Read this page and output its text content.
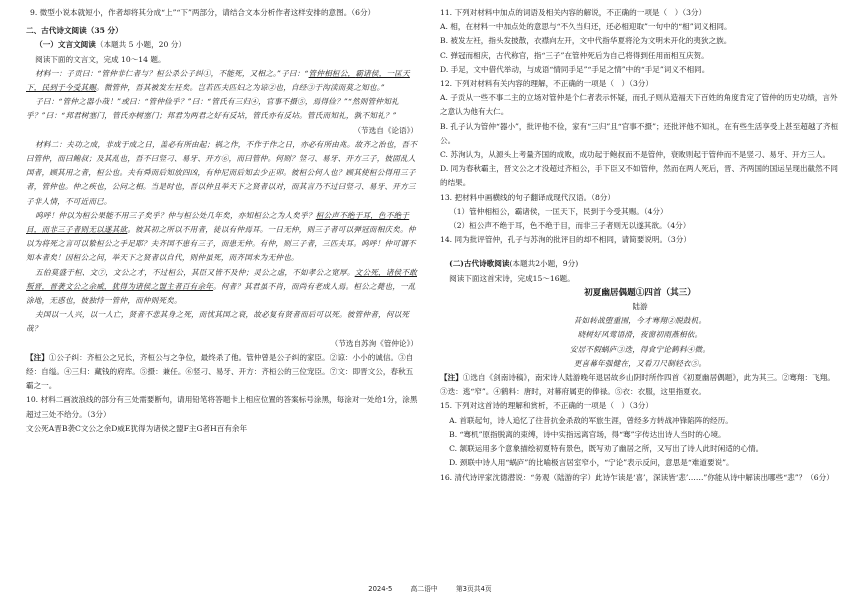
9. 微型小说本就短小，作者却将其分成“上”“下”两部分，请结合文本分析作者这样安排的意图。（6分）

二、古代诗文阅读（35 分）

（一）文言文阅读（本题共 5 小题，20 分）

阅读下面的文言文，完成 10～14 题。

材料一：子贡曰：“管仲非仁者与？桓公杀公子纠①，不能死，又相之。”子曰：“管仲相桓公，霸诸侯，一匡天下，民到于今受其赐。微管仲，吾其被发左衽矣。岂若匹夫匹妇之为谅②也，自经③于沟渎而莫之知也。”

子曰：“管仲之器小哉！”或曰：“管仲俭乎？”曰：“管氏有三归④，官事不摄⑤，焉得俭？”“然则管仲知礼乎？”曰：“邦君树塞门，管氏亦树塞门；邦君为两君之好有反坫，管氏亦有反坫。管氏而知礼，孰不知礼？”

（节选自《论语》）

材料二：夫功之成，非成于成之日，盖必有所由起；祸之作，不作于作之日，亦必有所由兆。故齐之治也，吾不曰管仲，而曰鲍叔；及其乱也，吾不曰竖刁、易牙、开方⑥，而曰管仲。何则？竖刁、易牙、开方三子，彼固乱人国者，顾其用之者，桓公也。夫有舜而后知放四凶，有仲尼而后知去少正卯。彼桓公何人也？顾其使桓公得用三子者，管仲也。仲之疾也，公问之相。当是时也，吾以仲且举天下之贤者以对，而其言乃不过曰竖刁、易牙、开方三子非人情，不可近而已。

呜呼！仲以为桓公果能不用三子矣乎？仲与桓公处几年矣，亦知桓公之为人矣乎？桓公声不绝于耳，色不绝于目，而非三子者则无以遂其欲。彼其初之所以不用者，徒以有仲焉耳。一日无仲，则三子者可以弹冠而相庆矣。仲以为将死之言可以絷桓公之手足耶？夫齐国不患有三子，而患无仲。有仲，则三子者，三匹夫耳。呜呼！仲可谓不知本者矣！因桓公之问，举天下之贤者以自代，则仲虽死，而齐国未为无仲也。

五伯莫盛于桓、文⑦，文公之才，不过桓公，其臣又皆不及仲；灵公之虐，不如孝公之宽厚。文公死，诸侯不敢叛晋，晋袭文公之余威，犹得为诸侯之盟主者百有余年。何者？其君虽不肖，而尚有老成人焉。桓公之薨也，一乱涂地，无惑也，彼独恃一管仲，而仲则死矣。

夫国以一人兴，以一人亡，贤者不悲其身之死，而忧其国之衰，故必复有贤者而后可以死。彼管仲者，何以死哉？

（节选自苏洵《管仲论》）

【注】①公子纠：齐桓公之兄长，齐桓公与之争位，最终杀了他。管仲曾是公子纠的家臣。②谅：小小的诚信。③自经：自缢。④三归：藏钱的府库。⑤摄：兼任。⑥竖刁、易牙、开方：齐桓公的三位宠臣。⑦文：即晋文公，春秋五霸之一。

10. 材料二画波浪线的部分有三处需要断句，请用铅笔将答题卡上相应位置的答案标号涂黑，每涂对一处给1分，涂黑超过三处不给分。（3分）

文公死A晋B袭C文公之余D威E犹得为诸侯之盟F主G者H百有余年

11. 下列对材料中加点的词语及相关内容的解说，不正确的一项是（　）（3分）

A. 相，在材料一中加点处的意思与“不久当归还，还必相迎取”一句中的“相”词义相同。

B. 被发左衽，指头发披散，衣襟向左开，文中代指华夏将沦为文明未开化的夷狄之族。

C. 弹冠而相庆，古代称官，指“三子”在管仲死后为自己将得到任用而相互庆贺。

D. 手足，文中借代举动，与成语“情同手足”“手足之情”中的“手足”词义不相同。

12. 下列对材料有关内容的理解，不正确的一项是（　）（3分）

A. 子贡从一些不事二主的立场对管仲是个仁者表示怀疑，而孔子则从造福天下百姓的角度肯定了管仲的历史功绩，言外之意认为他有大仁。

B. 孔子认为管仲“器小”，批评他不俭，家有“三归”且“官事不摄”；还批评他不知礼，在有些生活享受上甚至超越了齐桓公。

C. 苏洵认为，从源头上考量齐国的成败，成功起于鲍叔而不是管仲，衰败则起于管仲而不是竖刁、易牙、开方三人。

D. 同为春秋霸主，晋文公之才没超过齐桓公，手下臣又不如管仲，然而在两人死后，晋、齐两国的国运呈现出截然不同的结果。

13. 把材料中画横线的句子翻译成现代汉语。（8分）

（1）管仲相桓公，霸诸侯，一匡天下，民到于今受其赐。（4分）

（2）桓公声不绝于耳，色不绝于目，而非三子者则无以遂其欲。（4分）

14. 同为批评管仲，孔子与苏洵的批评目的却不相同，请简要说明。（3分）

(二)古代诗歌阅读(本题共2小题，9分)

阅读下面这首宋诗，完成15～16题。

初夏幽居偶题①四首（其三）

陆游

昔如转战堕重围，今才骞翔②脱鼓机。

晓树好风莺语滑，夜窗初雨燕相依。

安居不假蜗庐③迭，得食宁论鹤料④微。

更喜幕年强健在，又看刀尺制轻衣⑤。

【注】①选自《剑南诗稿》，南宋诗人陆游晚年退居故乡山阴时所作四首《初夏幽居偶题》，此为其三。②骞翔：飞翔。③迭：逃“窄”。④鹤料：唐时，对幕府属吏的俸禄。⑤衣：衣服，这里指夏衣。

15. 下列对这首诗的理解和赏析，不正确的一项是（　）（3分）

A. 首联起句，诗人追忆了往昔抗金杀敌的军旅生涯，曾经多方转战冲锋陷阵的经历。

B. “骞机”原指脱离的束缚，诗中实指远离官场，得“骞”字传达出诗人当时的心境。

C. 颔联运用多个意象描绘初夏特有景色，既写劝了幽居之所，又写出了诗人此时闲适的心情。

D. 颈联中诗人用“蜗庐”的比喻极言居室窄小，“宁论”表示反问，意思是“难道要说”。

16. 清代诗评家沈德潜说：“务观（陆游的字）此诗乍读是‘喜’，深读皆‘悲’……”你能从诗中解读出哪些“悲”？（6分）

2024-5	高二语中	第3页共4页
